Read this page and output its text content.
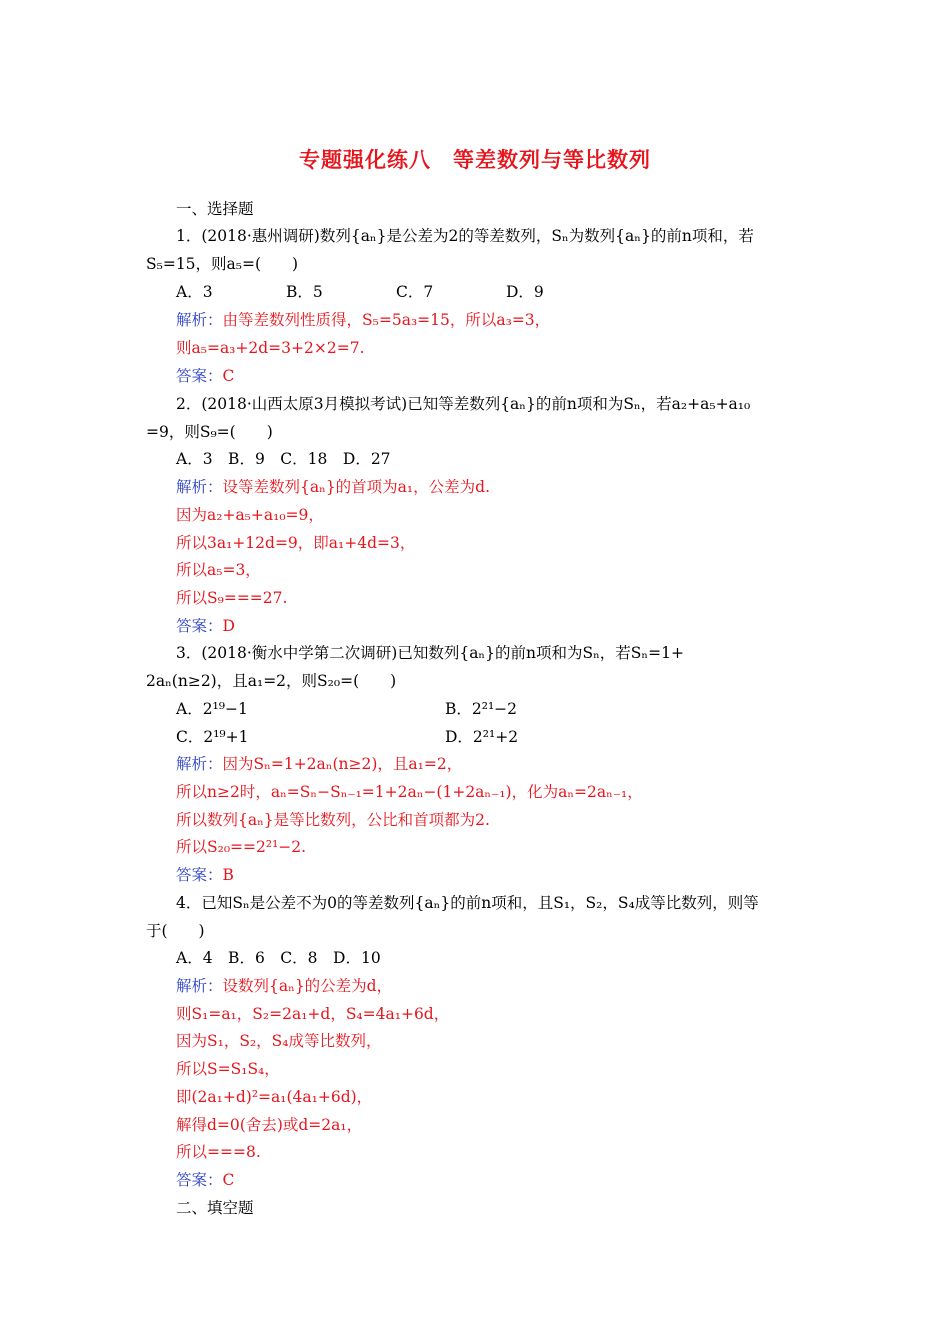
专题强化练八　等差数列与等比数列
一、选择题
1．(2018·惠州调研)数列{aₙ}是公差为2的等差数列，Sₙ为数列{aₙ}的前n项和，若
S₅=15，则a₅=(　　)
A．3	B．5	C．7	D．9
解析：由等差数列性质得，S₅=5a₃=15，所以a₃=3，
则a₅=a₃+2d=3+2×2=7.
答案：C
2．(2018·山西太原3月模拟考试)已知等差数列{aₙ}的前n项和为Sₙ，若a₂+a₅+a₁₀
=9，则S₉=(　　)
A．3　B．9　C．18　D．27
解析：设等差数列{aₙ}的首项为a₁，公差为d.
因为a₂+a₅+a₁₀=9，
所以3a₁+12d=9，即a₁+4d=3，
所以a₅=3，
所以S₉===27.
答案：D
3．(2018·衡水中学第二次调研)已知数列{aₙ}的前n项和为Sₙ，若Sₙ=1+
2aₙ(n≥2)，且a₁=2，则S₂₀=(　　)
A．2¹⁹−1	B．2²¹−2
C．2¹⁹+1	D．2²¹+2
解析：因为Sₙ=1+2aₙ(n≥2)，且a₁=2，
所以n≥2时，aₙ=Sₙ−Sₙ₋₁=1+2aₙ−(1+2aₙ₋₁)，化为aₙ=2aₙ₋₁，
所以数列{aₙ}是等比数列，公比和首项都为2.
所以S₂₀==2²¹−2.
答案：B
4．已知Sₙ是公差不为0的等差数列{aₙ}的前n项和，且S₁，S₂，S₄成等比数列，则等
于(　　)
A．4　B．6　C．8　D．10
解析：设数列{aₙ}的公差为d，
则S₁=a₁，S₂=2a₁+d，S₄=4a₁+6d，
因为S₁，S₂，S₄成等比数列，
所以S=S₁S₄，
即(2a₁+d)²=a₁(4a₁+6d)，
解得d=0(舍去)或d=2a₁，
所以===8.
答案：C
二、填空题
